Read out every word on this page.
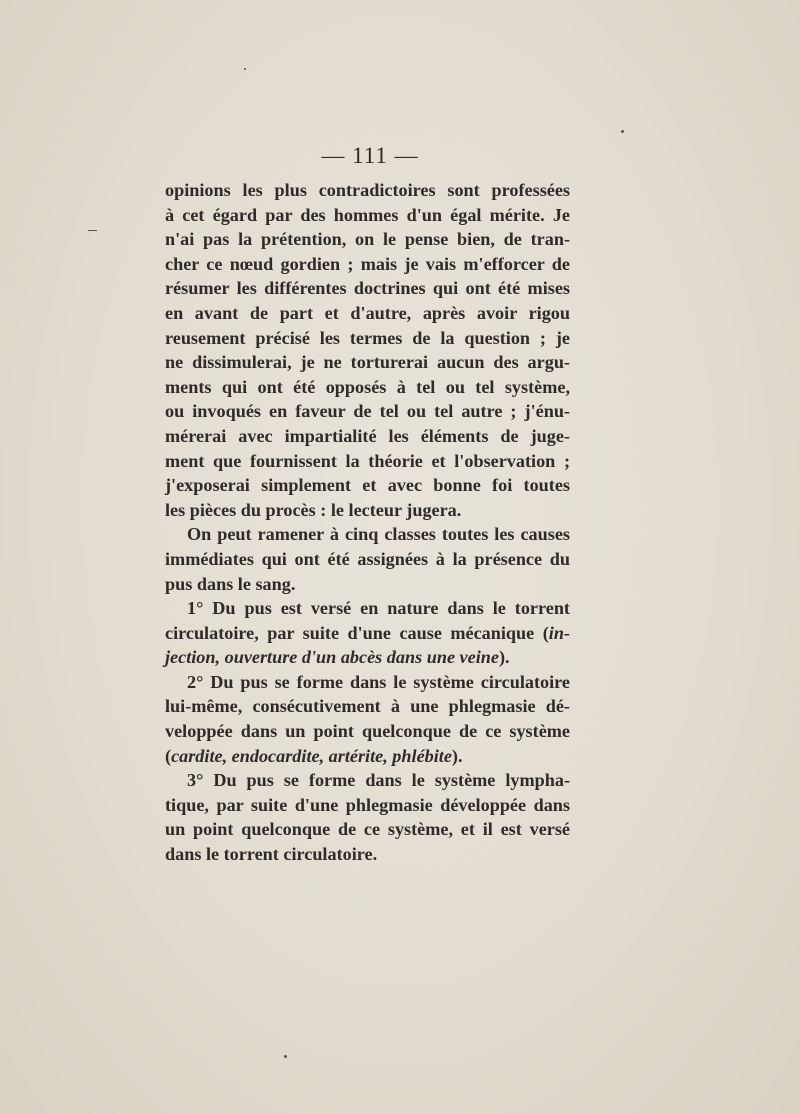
— 111 —

opinions les plus contradictoires sont professées
à cet égard par des hommes d'un égal mérite. Je
n'ai pas la prétention, on le pense bien, de tran-
cher ce nœud gordien ; mais je vais m'efforcer de
résumer les différentes doctrines qui ont été mises
en avant de part et d'autre, après avoir rigou
reusement précisé les termes de la question ; je
ne dissimulerai, je ne torturerai aucun des argu-
ments qui ont été opposés à tel ou tel système,
ou invoqués en faveur de tel ou tel autre ; j'énu-
mérerai avec impartialité les éléments de juge-
ment que fournissent la théorie et l'observation ;
j'exposerai simplement et avec bonne foi toutes
les pièces du procès : le lecteur jugera.

On peut ramener à cinq classes toutes les causes
immédiates qui ont été assignées à la présence du
pus dans le sang.

1° Du pus est versé en nature dans le torrent
circulatoire, par suite d'une cause mécanique (in-
jection, ouverture d'un abcès dans une veine).

2° Du pus se forme dans le système circulatoire
lui-même, consécutivement à une phlegmasie dé-
veloppée dans un point quelconque de ce système
(cardite, endocardite, artérite, phlébite).

3° Du pus se forme dans le système lympha-
tique, par suite d'une phlegmasie développée dans
un point quelconque de ce système, et il est versé
dans le torrent circulatoire.
